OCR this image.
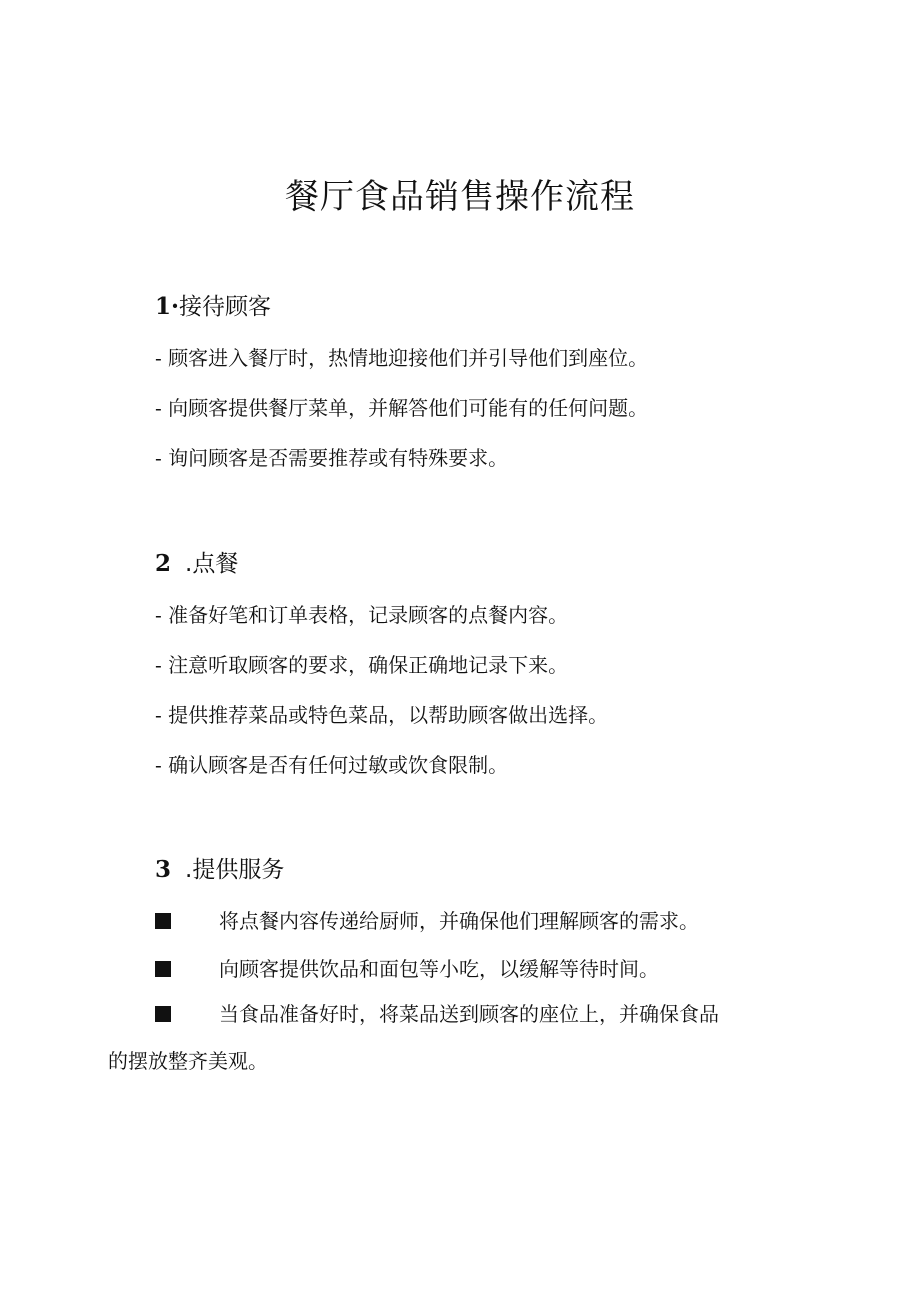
餐厅食品销售操作流程
1·接待顾客

- 顾客进入餐厅时，热情地迎接他们并引导他们到座位。

- 向顾客提供餐厅菜单，并解答他们可能有的任何问题。

- 询问顾客是否需要推荐或有特殊要求。

2 .点餐

- 准备好笔和订单表格，记录顾客的点餐内容。

- 注意听取顾客的要求，确保正确地记录下来。

- 提供推荐菜品或特色菜品，以帮助顾客做出选择。

- 确认顾客是否有任何过敏或饮食限制。

3 .提供服务

将点餐内容传递给厨师，并确保他们理解顾客的需求。

向顾客提供饮品和面包等小吃，以缓解等待时间。

当食品准备好时，将菜品送到顾客的座位上，并确保食品

的摆放整齐美观。
